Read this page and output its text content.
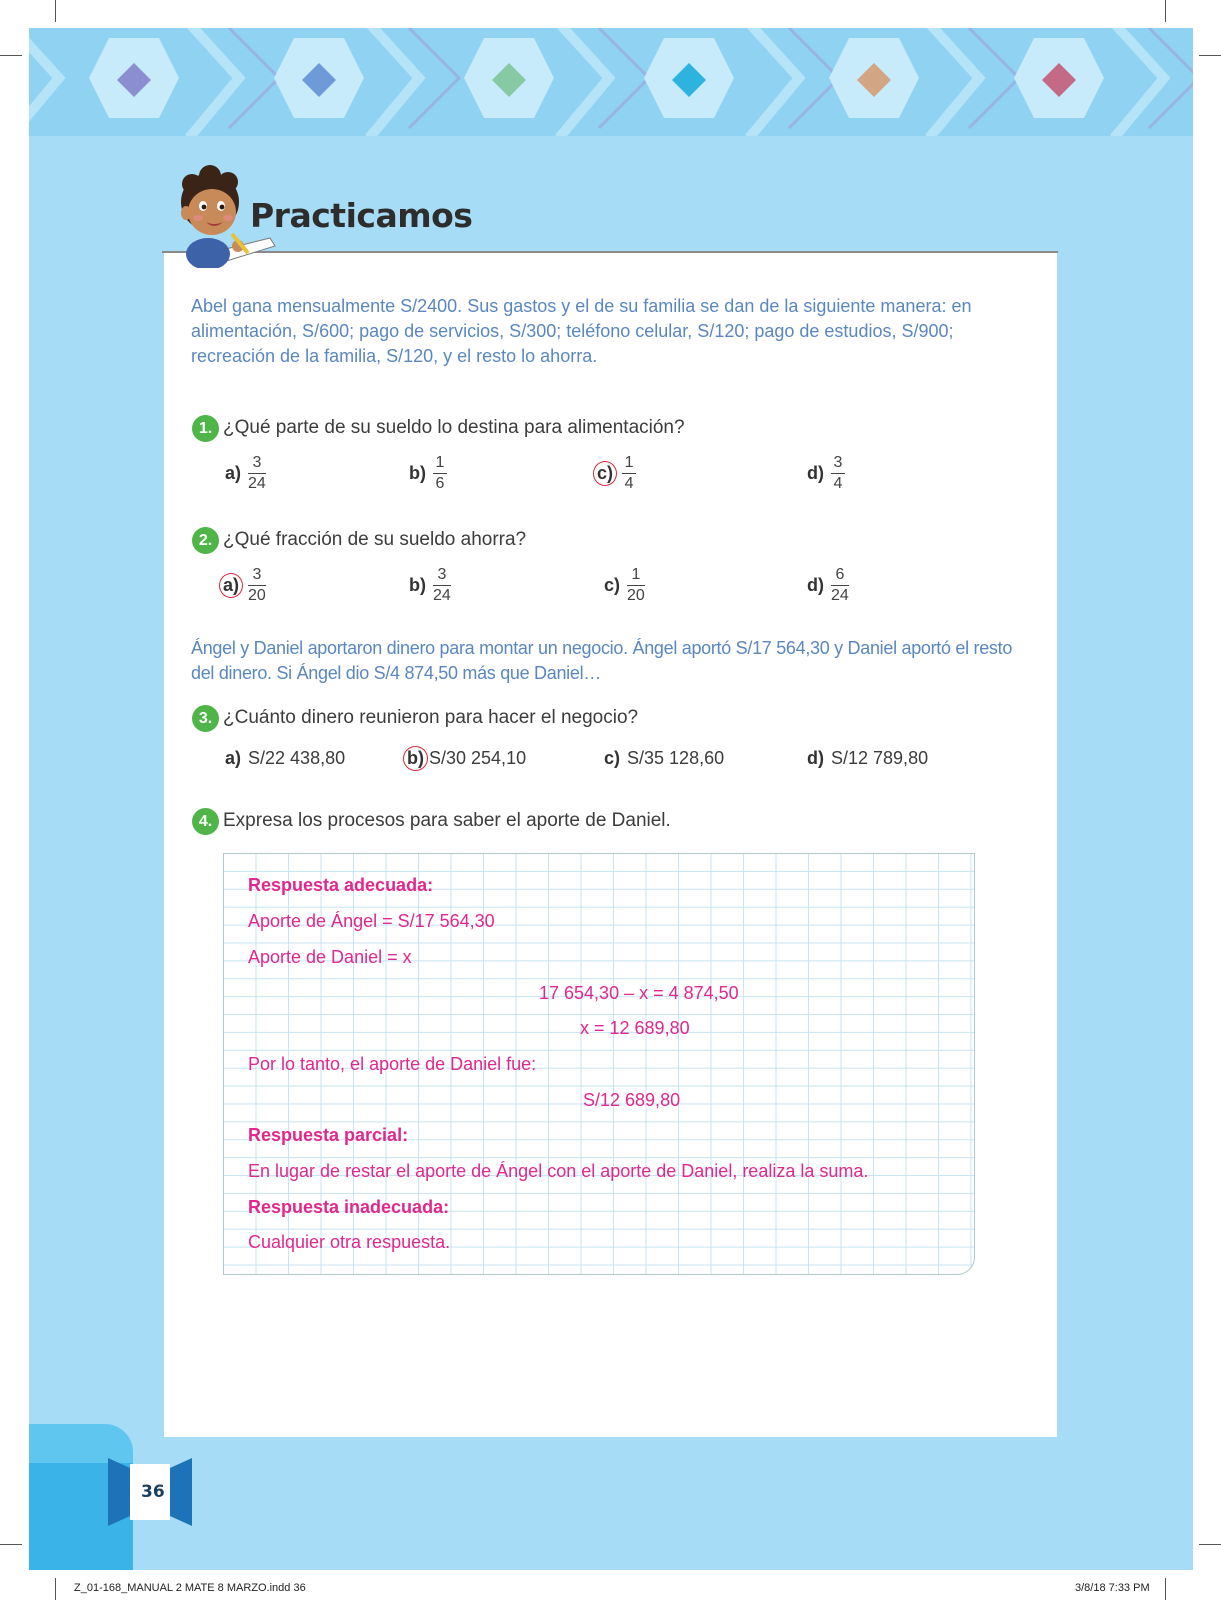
Practicamos
Abel gana mensualmente S/2400. Sus gastos y el de su familia se dan de la siguiente manera: en alimentación, S/600; pago de servicios, S/300; teléfono celular, S/120; pago de estudios, S/900; recreación de la familia, S/120, y el resto lo ahorra.
1. ¿Qué parte de su sueldo lo destina para alimentación?
$a) \frac{3}{24}$	$b) \frac{1}{6}$	$c) \frac{1}{4}$	$d) \frac{3}{4}$
2. ¿Qué fracción de su sueldo ahorra?
$a) \frac{3}{20}$	$b) \frac{3}{24}$	$c) \frac{1}{20}$	$d) \frac{6}{24}$
Ángel y Daniel aportaron dinero para montar un negocio. Ángel aportó S/17 564,30 y Daniel aportó el resto del dinero. Si Ángel dio S/4 874,50 más que Daniel…
3. ¿Cuánto dinero reunieron para hacer el negocio?
a) S/22 438,80	b) S/30 254,10	c) S/35 128,60	d) S/12 789,80
4. Expresa los procesos para saber el aporte de Daniel.
Respuesta adecuada:
Aporte de Ángel = S/17 564,30
Aporte de Daniel = x
17 654,30 – x = 4 874,50
x = 12 689,80
Por lo tanto, el aporte de Daniel fue:
S/12 689,80
Respuesta parcial:
En lugar de restar el aporte de Ángel con el aporte de Daniel, realiza la suma.
Respuesta inadecuada:
Cualquier otra respuesta.
36
Z_01-168_MANUAL 2 MATE 8 MARZO.indd 36	3/8/18 7:33 PM
